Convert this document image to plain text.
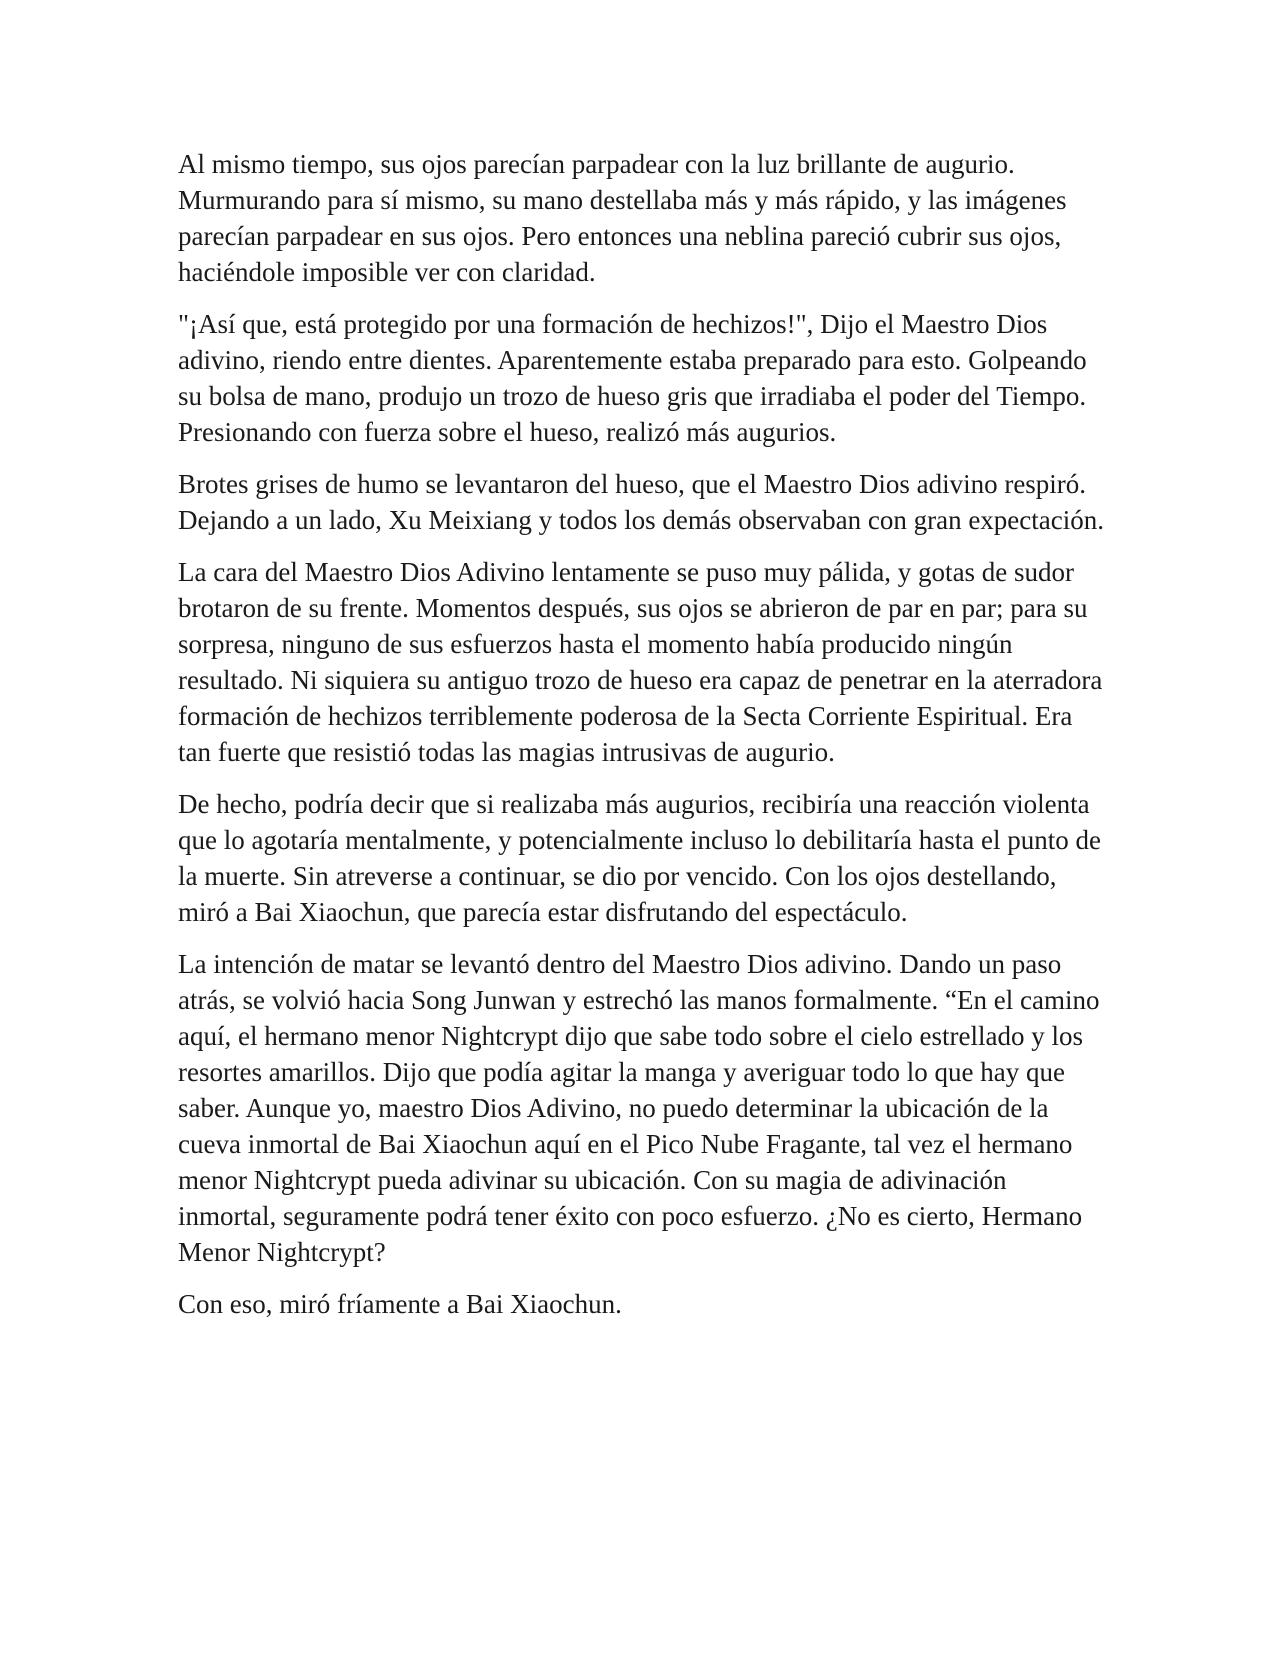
Al mismo tiempo, sus ojos parecían parpadear con la luz brillante de augurio. Murmurando para sí mismo, su mano destellaba más y más rápido, y las imágenes parecían parpadear en sus ojos. Pero entonces una neblina pareció cubrir sus ojos, haciéndole imposible ver con claridad.

"¡Así que, está protegido por una formación de hechizos!", Dijo el Maestro Dios adivino, riendo entre dientes. Aparentemente estaba preparado para esto. Golpeando su bolsa de mano, produjo un trozo de hueso gris que irradiaba el poder del Tiempo. Presionando con fuerza sobre el hueso, realizó más augurios.

Brotes grises de humo se levantaron del hueso, que el Maestro Dios adivino respiró. Dejando a un lado, Xu Meixiang y todos los demás observaban con gran expectación.

La cara del Maestro Dios Adivino lentamente se puso muy pálida, y gotas de sudor brotaron de su frente. Momentos después, sus ojos se abrieron de par en par; para su sorpresa, ninguno de sus esfuerzos hasta el momento había producido ningún resultado. Ni siquiera su antiguo trozo de hueso era capaz de penetrar en la aterradora formación de hechizos terriblemente poderosa de la Secta Corriente Espiritual. Era tan fuerte que resistió todas las magias intrusivas de augurio.

De hecho, podría decir que si realizaba más augurios, recibiría una reacción violenta que lo agotaría mentalmente, y potencialmente incluso lo debilitaría hasta el punto de la muerte. Sin atreverse a continuar, se dio por vencido. Con los ojos destellando, miró a Bai Xiaochun, que parecía estar disfrutando del espectáculo.

La intención de matar se levantó dentro del Maestro Dios adivino. Dando un paso atrás, se volvió hacia Song Junwan y estrechó las manos formalmente. “En el camino aquí, el hermano menor Nightcrypt dijo que sabe todo sobre el cielo estrellado y los resortes amarillos. Dijo que podía agitar la manga y averiguar todo lo que hay que saber. Aunque yo, maestro Dios Adivino, no puedo determinar la ubicación de la cueva inmortal de Bai Xiaochun aquí en el Pico Nube Fragante, tal vez el hermano menor Nightcrypt pueda adivinar su ubicación. Con su magia de adivinación inmortal, seguramente podrá tener éxito con poco esfuerzo. ¿No es cierto, Hermano Menor Nightcrypt?

Con eso, miró fríamente a Bai Xiaochun.
